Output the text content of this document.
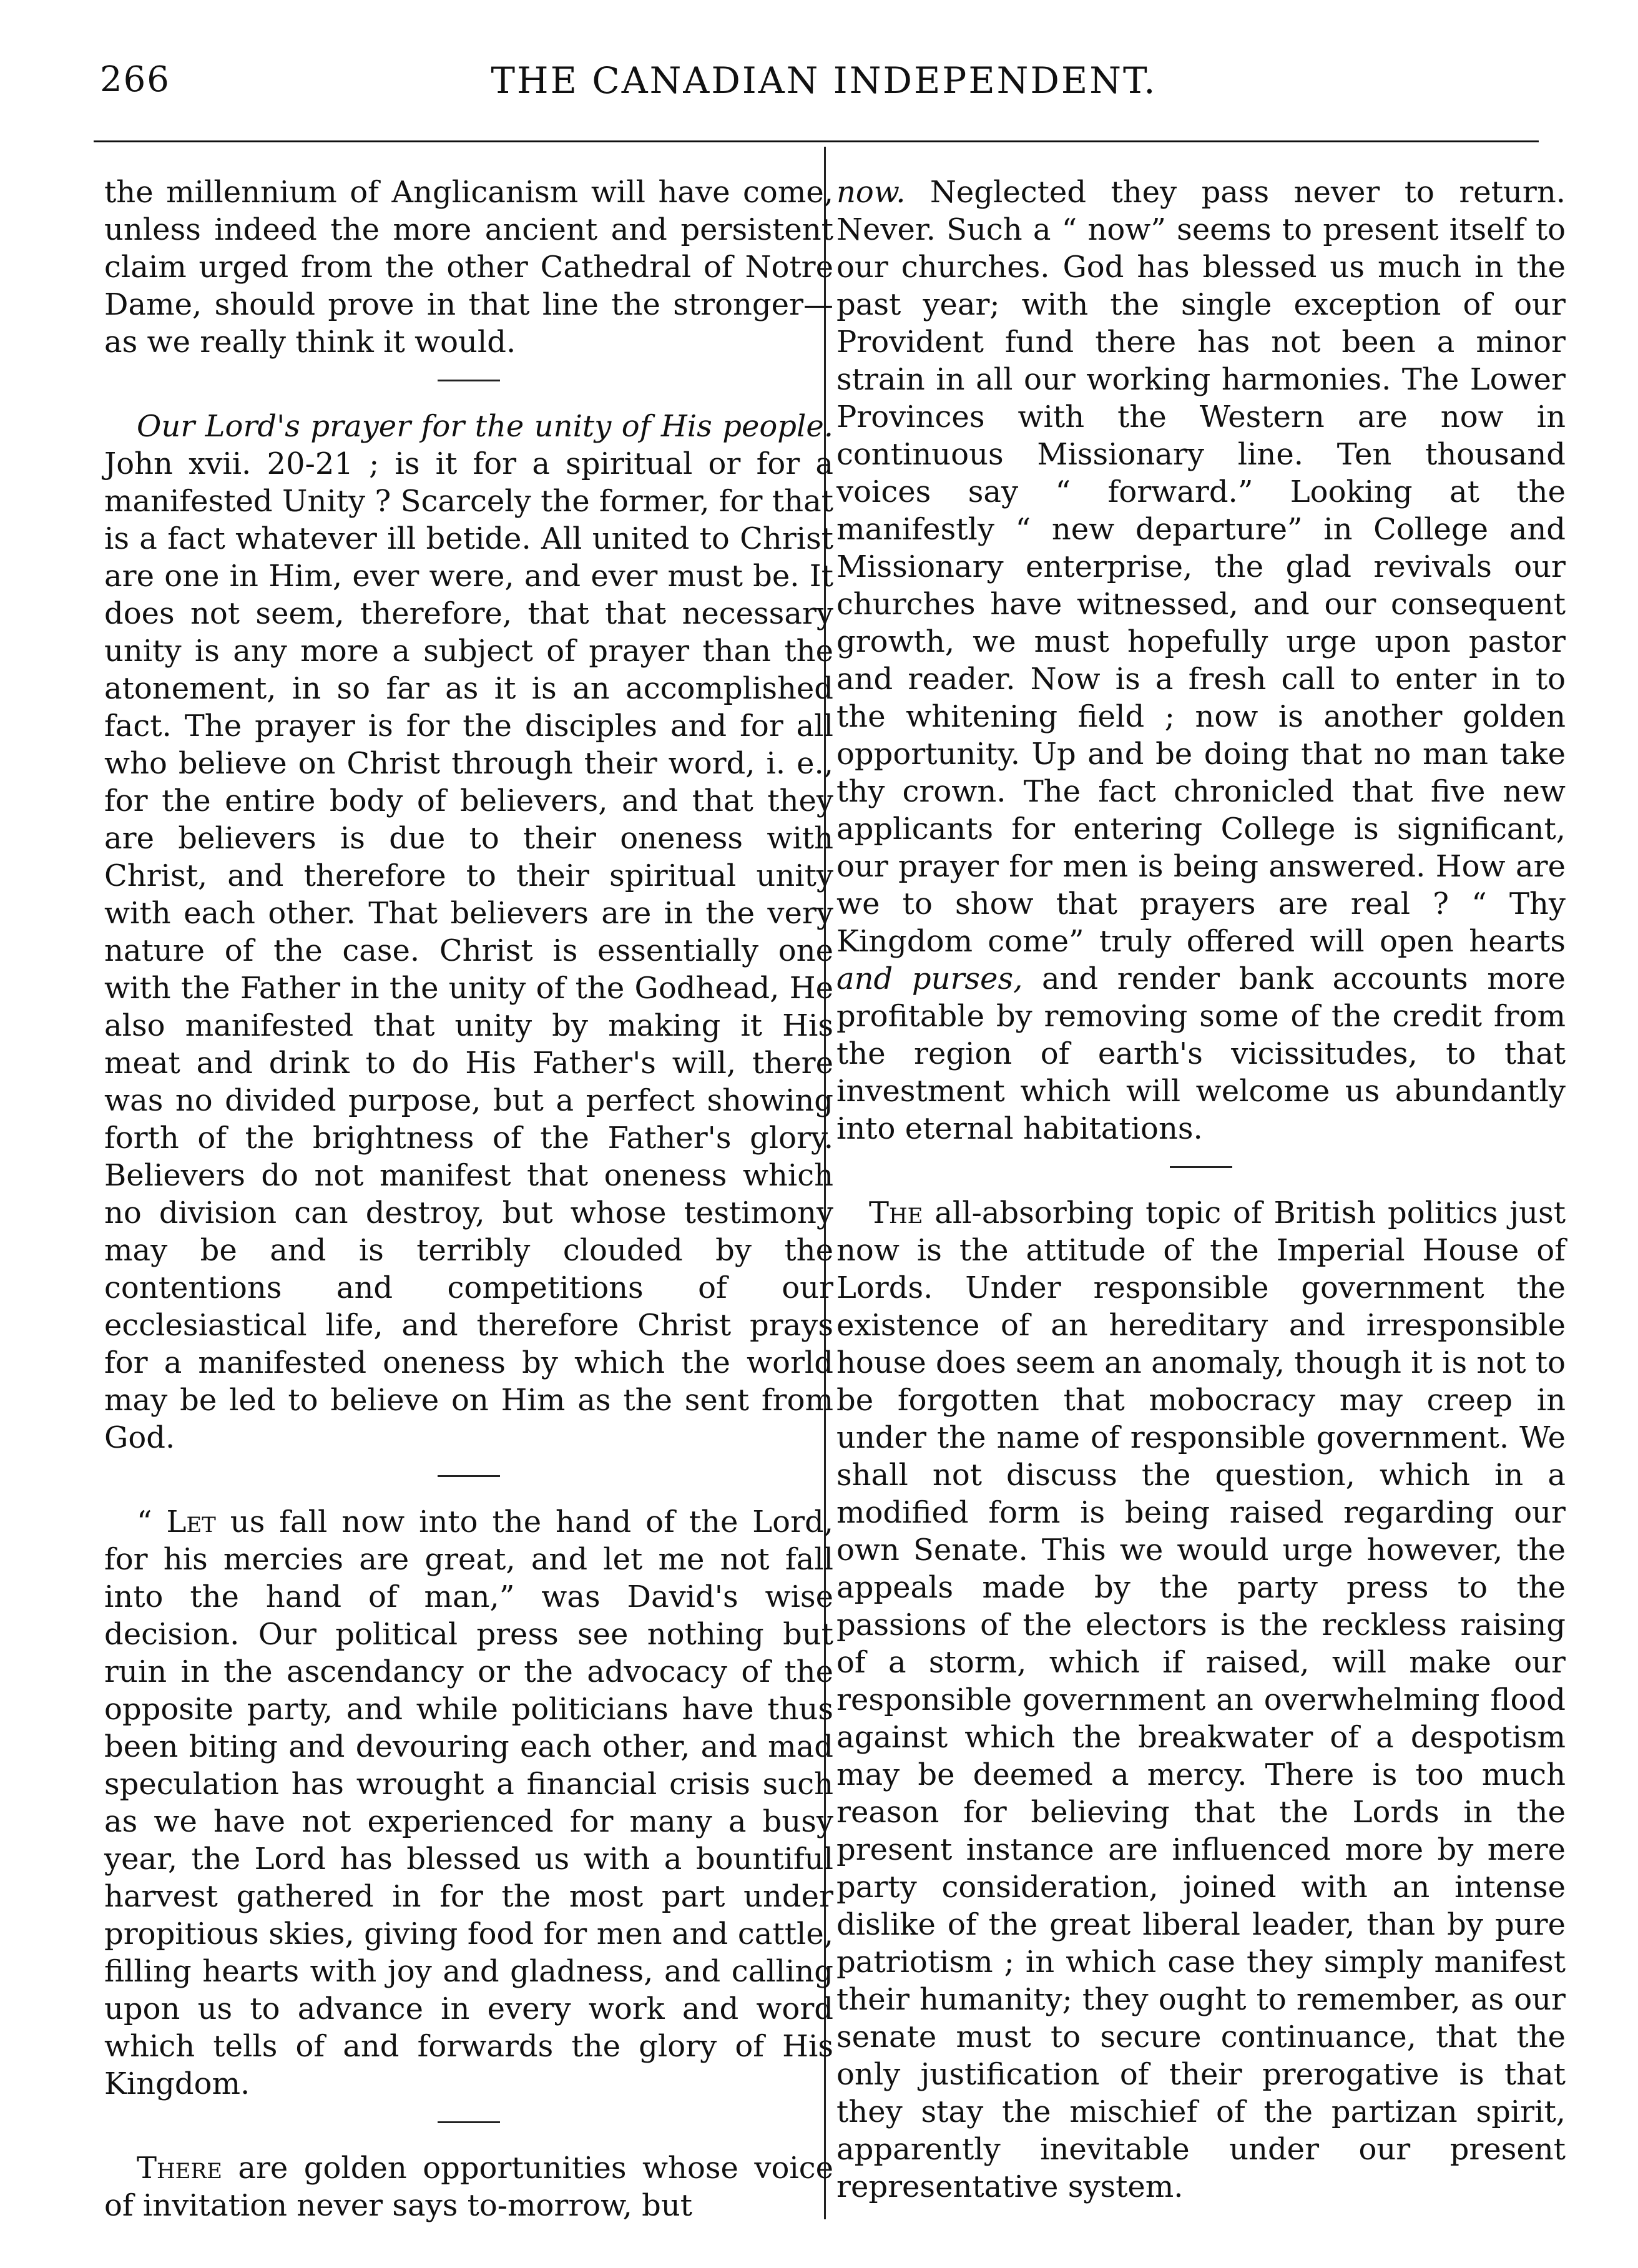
266	THE CANADIAN INDEPENDENT.

the millennium of Anglicanism will have come, unless indeed the more ancient and persistent claim urged from the other Cathedral of Notre Dame, should prove in that line the stronger—as we really think it would.

Our Lord's prayer for the unity of His people. John xvii. 20-21 ; is it for a spiritual or for a manifested Unity ? Scarcely the former, for that is a fact whatever ill betide. All united to Christ are one in Him, ever were, and ever must be. It does not seem, therefore, that that necessary unity is any more a subject of prayer than the atonement, in so far as it is an accomplished fact. The prayer is for the disciples and for all who believe on Christ through their word, i. e., for the entire body of believers, and that they are believers is due to their oneness with Christ, and therefore to their spiritual unity with each other. That believers are in the very nature of the case. Christ is essentially one with the Father in the unity of the Godhead, He also manifested that unity by making it His meat and drink to do His Father's will, there was no divided purpose, but a perfect showing forth of the brightness of the Father's glory. Believers do not manifest that oneness which no division can destroy, but whose testimony may be and is terribly clouded by the contentions and competitions of our ecclesiastical life, and therefore Christ prays for a manifested oneness by which the world may be led to believe on Him as the sent from God.

“ Let us fall now into the hand of the Lord, for his mercies are great, and let me not fall into the hand of man,” was David's wise decision. Our political press see nothing but ruin in the ascendancy or the advocacy of the opposite party, and while politicians have thus been biting and devouring each other, and mad speculation has wrought a financial crisis such as we have not experienced for many a busy year, the Lord has blessed us with a bountiful harvest gathered in for the most part under propitious skies, giving food for men and cattle, filling hearts with joy and gladness, and calling upon us to advance in every work and word which tells of and forwards the glory of His Kingdom.

There are golden opportunities whose voice of invitation never says to-morrow, but

now. Neglected they pass never to return. Never. Such a “ now” seems to present itself to our churches. God has blessed us much in the past year; with the single exception of our Provident fund there has not been a minor strain in all our working harmonies. The Lower Provinces with the Western are now in continuous Missionary line. Ten thousand voices say “ forward.” Looking at the manifestly “ new departure” in College and Missionary enterprise, the glad revivals our churches have witnessed, and our consequent growth, we must hopefully urge upon pastor and reader. Now is a fresh call to enter in to the whitening field ; now is another golden opportunity. Up and be doing that no man take thy crown. The fact chronicled that five new applicants for entering College is significant, our prayer for men is being answered. How are we to show that prayers are real ? “ Thy Kingdom come” truly offered will open hearts and purses, and render bank accounts more profitable by removing some of the credit from the region of earth's vicissitudes, to that investment which will welcome us abundantly into eternal habitations.

The all-absorbing topic of British politics just now is the attitude of the Imperial House of Lords. Under responsible government the existence of an hereditary and irresponsible house does seem an anomaly, though it is not to be forgotten that mobocracy may creep in under the name of responsible government. We shall not discuss the question, which in a modified form is being raised regarding our own Senate. This we would urge however, the appeals made by the party press to the passions of the electors is the reckless raising of a storm, which if raised, will make our responsible government an overwhelming flood against which the breakwater of a despotism may be deemed a mercy. There is too much reason for believing that the Lords in the present instance are influenced more by mere party consideration, joined with an intense dislike of the great liberal leader, than by pure patriotism ; in which case they simply manifest their humanity; they ought to remember, as our senate must to secure continuance, that the only justification of their prerogative is that they stay the mischief of the partizan spirit, apparently inevitable under our present representative system.
